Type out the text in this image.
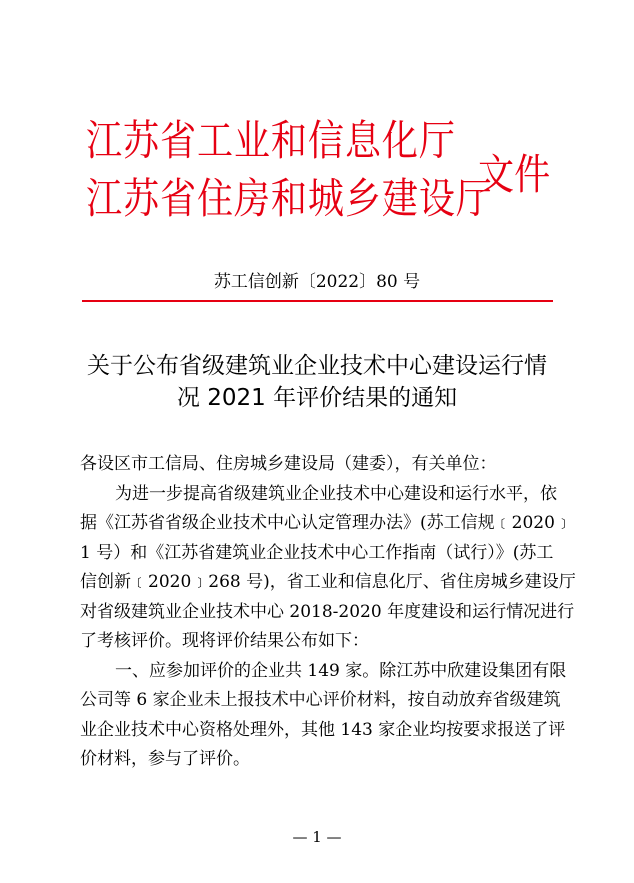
江苏省工业和信息化厅
江苏省住房和城乡建设厅
文件
苏工信创新〔2022〕80 号
关于公布省级建筑业企业技术中心建设运行情
况 2021 年评价结果的通知
各设区市工信局、住房城乡建设局（建委），有关单位：
为进一步提高省级建筑业企业技术中心建设和运行水平，依
据《江苏省省级企业技术中心认定管理办法》(苏工信规﹝2020﹞
1 号）和《江苏省建筑业企业技术中心工作指南（试行）》(苏工
信创新﹝2020﹞268 号)，省工业和信息化厅、省住房城乡建设厅
对省级建筑业企业技术中心 2018-2020 年度建设和运行情况进行
了考核评价。现将评价结果公布如下：
一、应参加评价的企业共 149 家。除江苏中欣建设集团有限
公司等 6 家企业未上报技术中心评价材料，按自动放弃省级建筑
业企业技术中心资格处理外，其他 143 家企业均按要求报送了评
价材料，参与了评价。
— 1 —
